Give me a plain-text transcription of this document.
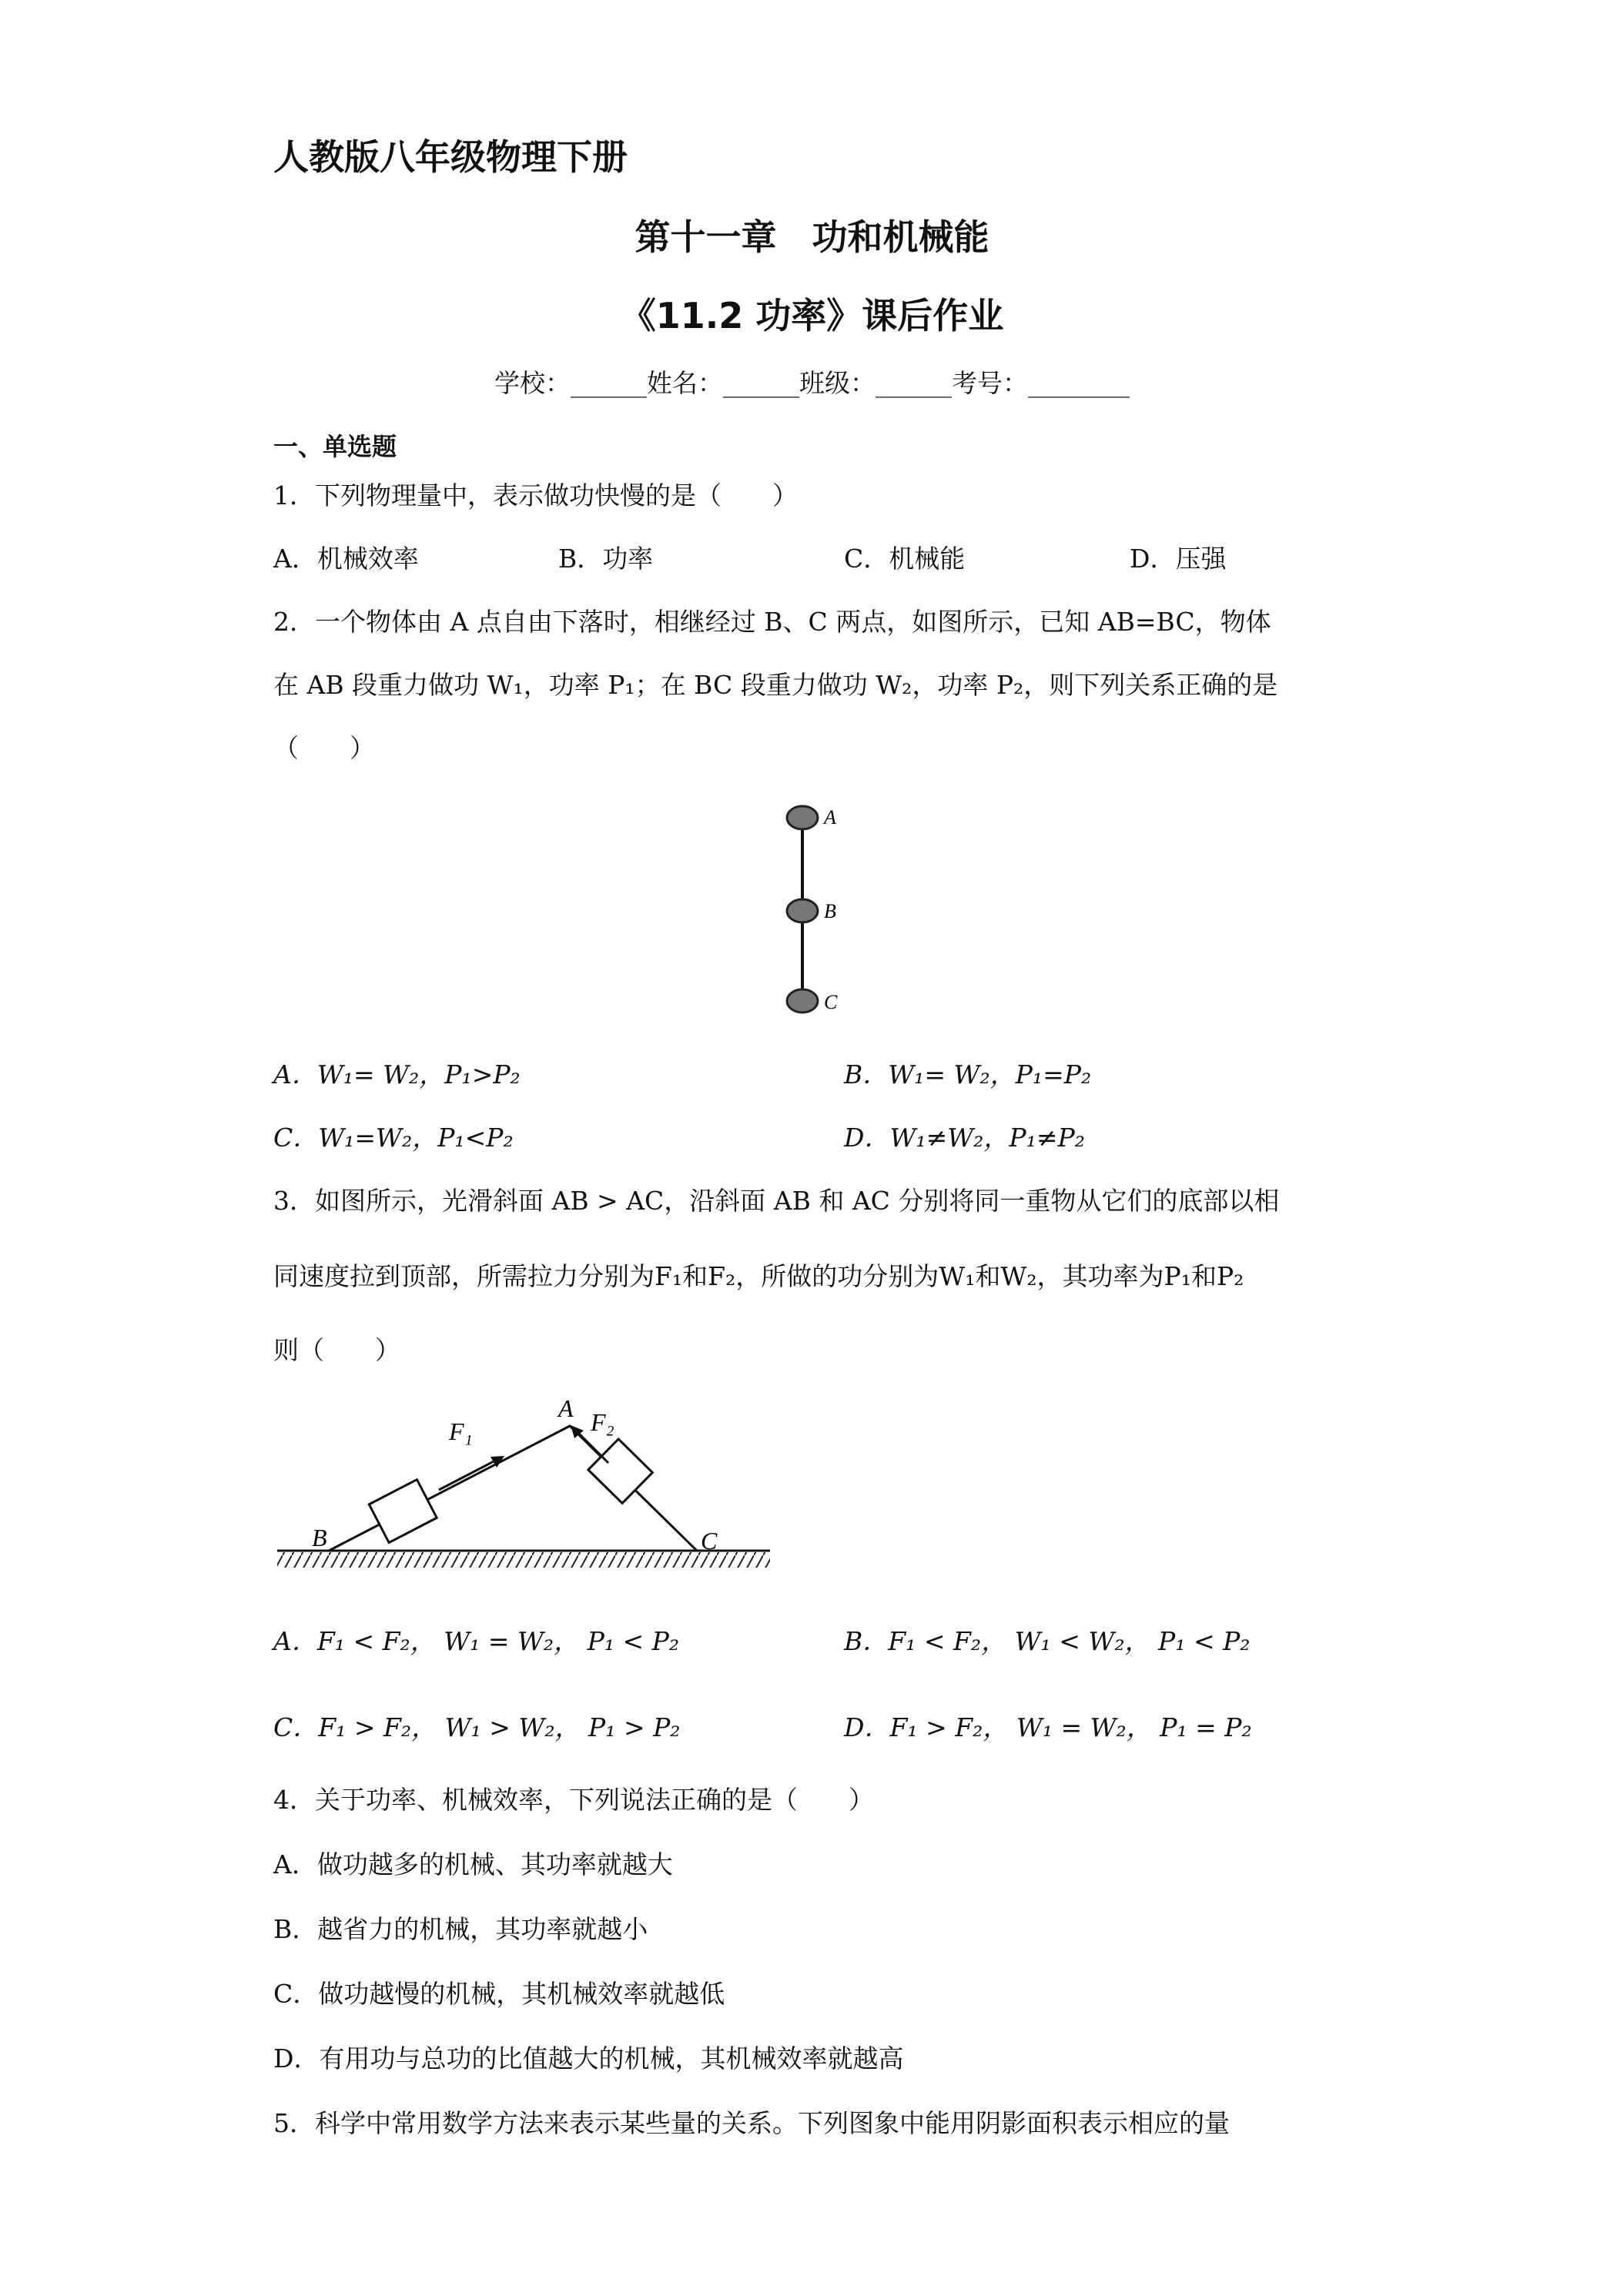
人教版八年级物理下册
第十一章　功和机械能
《11.2 功率》课后作业
学校：______姓名：______班级：______考号：________
一、单选题
1．下列物理量中，表示做功快慢的是（　　）
A．机械效率	B．功率	C．机械能	D．压强
2．一个物体由 A 点自由下落时，相继经过 B、C 两点，如图所示，已知 AB=BC，物体
在 AB 段重力做功 W₁，功率 P₁；在 BC 段重力做功 W₂，功率 P₂，则下列关系正确的是
（　　）
A
B
C
A．W₁= W₂，P₁>P₂	B．W₁= W₂，P₁=P₂
C．W₁=W₂，P₁<P₂	D．W₁≠W₂，P₁≠P₂
3．如图所示，光滑斜面 AB > AC，沿斜面 AB 和 AC 分别将同一重物从它们的底部以相
同速度拉到顶部，所需拉力分别为F₁和F₂，所做的功分别为W₁和W₂，其功率为P₁和P₂
则（　　）
F₁
A F₂
B	C
A．F₁ < F₂， W₁ = W₂， P₁ < P₂	B．F₁ < F₂， W₁ < W₂， P₁ < P₂
C．F₁ > F₂， W₁ > W₂， P₁ > P₂	D．F₁ > F₂， W₁ = W₂， P₁ = P₂
4．关于功率、机械效率，下列说法正确的是（　　）
A．做功越多的机械、其功率就越大
B．越省力的机械，其功率就越小
C．做功越慢的机械，其机械效率就越低
D．有用功与总功的比值越大的机械，其机械效率就越高
5．科学中常用数学方法来表示某些量的关系。下列图象中能用阴影面积表示相应的量
